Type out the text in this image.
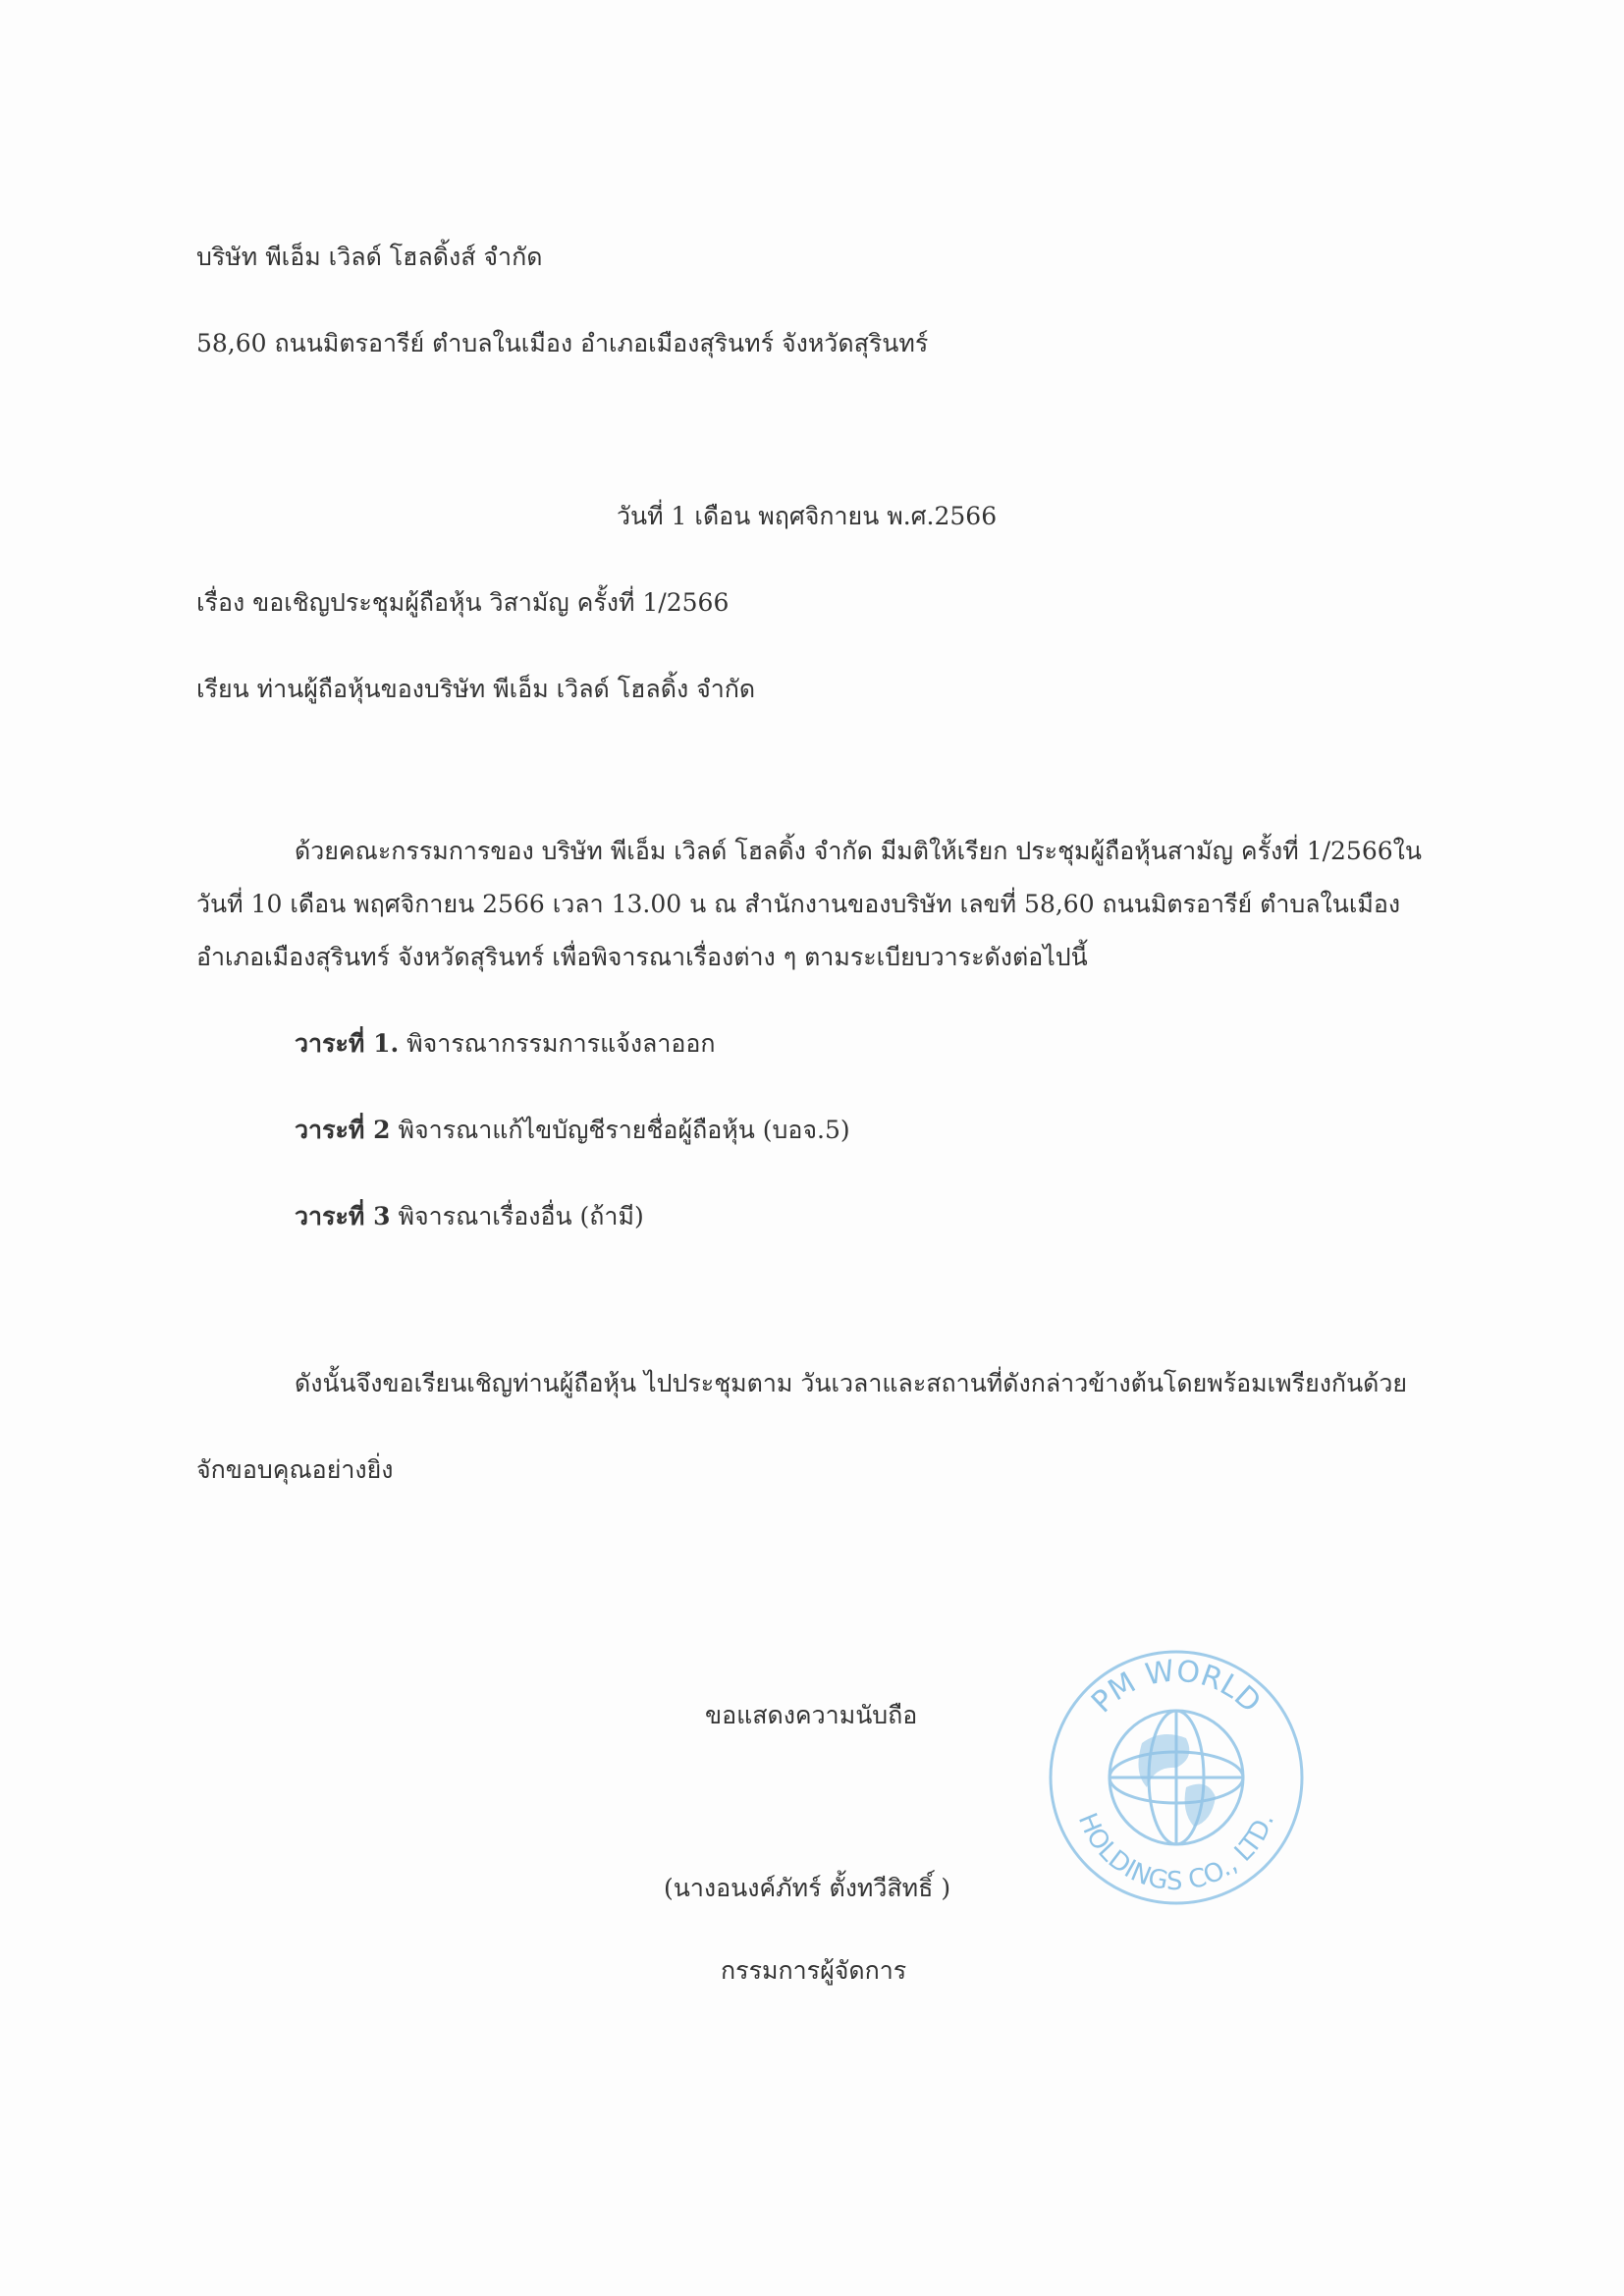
บริษัท พีเอ็ม เวิลด์ โฮลดิ้งส์ จำกัด
58,60 ถนนมิตรอารีย์ ตำบลในเมือง อำเภอเมืองสุรินทร์ จังหวัดสุรินทร์
วันที่ 1 เดือน พฤศจิกายน พ.ศ.2566
เรื่อง ขอเชิญประชุมผู้ถือหุ้น วิสามัญ ครั้งที่ 1/2566
เรียน ท่านผู้ถือหุ้นของบริษัท พีเอ็ม เวิลด์ โฮลดิ้ง จำกัด
ด้วยคณะกรรมการของ บริษัท พีเอ็ม เวิลด์ โฮลดิ้ง จำกัด มีมติให้เรียก ประชุมผู้ถือหุ้นสามัญ ครั้งที่ 1/2566ใน
วันที่ 10 เดือน พฤศจิกายน 2566 เวลา 13.00 น ณ สำนักงานของบริษัท เลขที่ 58,60 ถนนมิตรอารีย์ ตำบลในเมือง
อำเภอเมืองสุรินทร์ จังหวัดสุรินทร์ เพื่อพิจารณาเรื่องต่าง ๆ ตามระเบียบวาระดังต่อไปนี้
วาระที่ 1. พิจารณากรรมการแจ้งลาออก
วาระที่ 2 พิจารณาแก้ไขบัญชีรายชื่อผู้ถือหุ้น (บอจ.5)
วาระที่ 3 พิจารณาเรื่องอื่น (ถ้ามี)
ดังนั้นจึงขอเรียนเชิญท่านผู้ถือหุ้น ไปประชุมตาม วันเวลาและสถานที่ดังกล่าวข้างต้นโดยพร้อมเพรียงกันด้วย
จักขอบคุณอย่างยิ่ง
ขอแสดงความนับถือ
(นางอนงค์ภัทร์ ตั้งทวีสิทธิ์ )
กรรมการผู้จัดการ
PM WORLD
HOLDINGS CO., LTD.
